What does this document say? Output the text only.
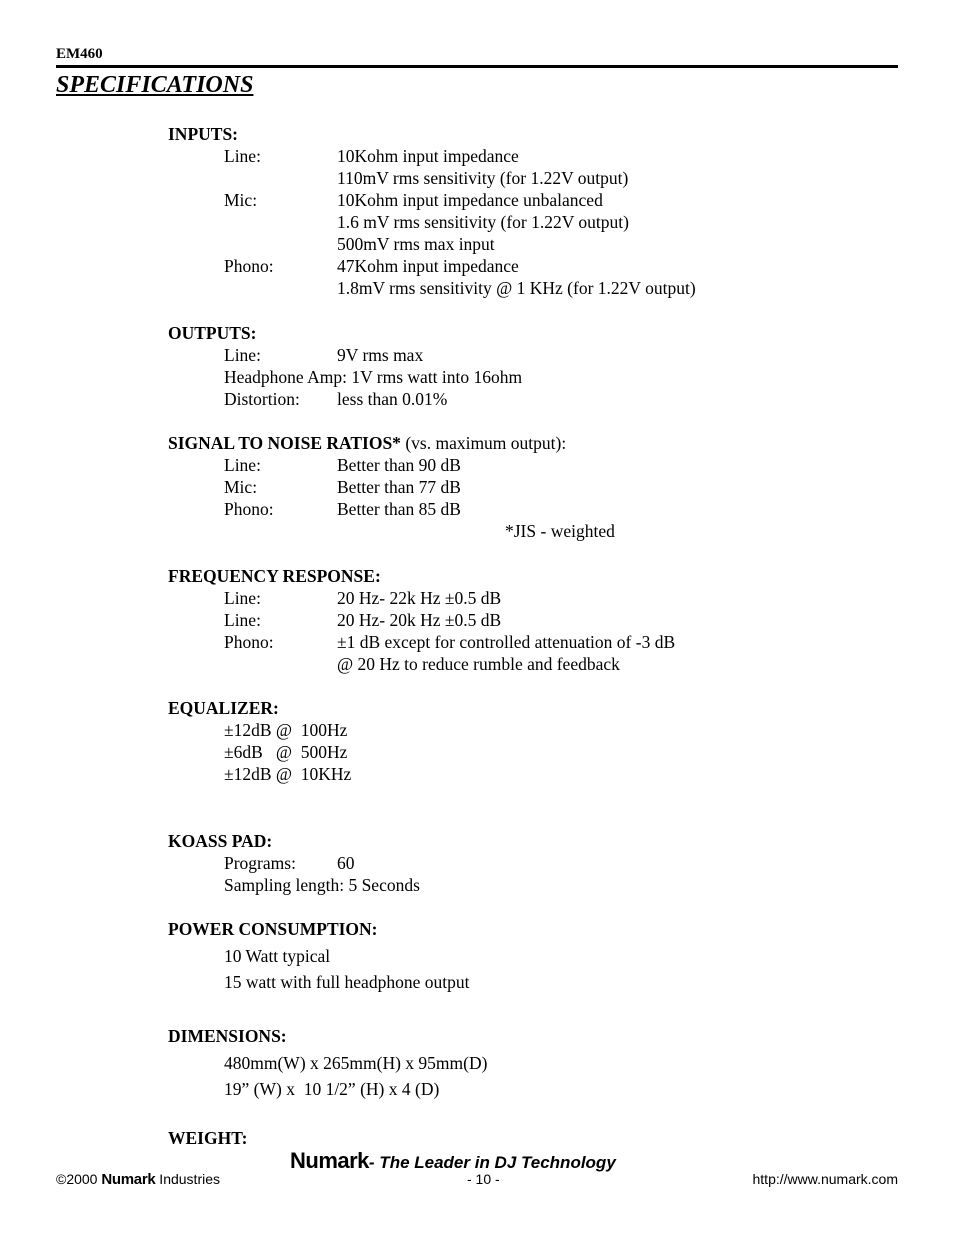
EM460
SPECIFICATIONS
INPUTS:
Line:	10Kohm input impedance
110mV rms sensitivity (for 1.22V output)
Mic:	10Kohm input impedance unbalanced
1.6 mV rms sensitivity (for 1.22V output)
500mV rms max input
Phono:	47Kohm input impedance
1.8mV rms sensitivity @ 1 KHz (for 1.22V output)
OUTPUTS:
Line:	9V rms max
Headphone Amp: 1V rms watt into 16ohm
Distortion: less than 0.01%
SIGNAL TO NOISE RATIOS* (vs. maximum output):
Line:	Better than 90 dB
Mic:	Better than 77 dB
Phono:	Better than 85 dB
*JIS - weighted
FREQUENCY RESPONSE:
Line:	20 Hz- 22k Hz ±0.5 dB
Line:	20 Hz- 20k Hz ±0.5 dB
Phono:	±1 dB except for controlled attenuation of -3 dB
@ 20 Hz to reduce rumble and feedback
EQUALIZER:
±12dB @  100Hz
±6dB   @  500Hz
±12dB @  10KHz
KOASS PAD:
Programs: 60
Sampling length: 5 Seconds
POWER CONSUMPTION:
10 Watt typical
15 watt with full headphone output
DIMENSIONS:
480mm(W) x 265mm(H) x 95mm(D)
19” (W) x  10 1/2” (H) x 4 (D)
WEIGHT:
Numark - The Leader in DJ Technology
©2000 Numark Industries	- 10 -	http://www.numark.com
